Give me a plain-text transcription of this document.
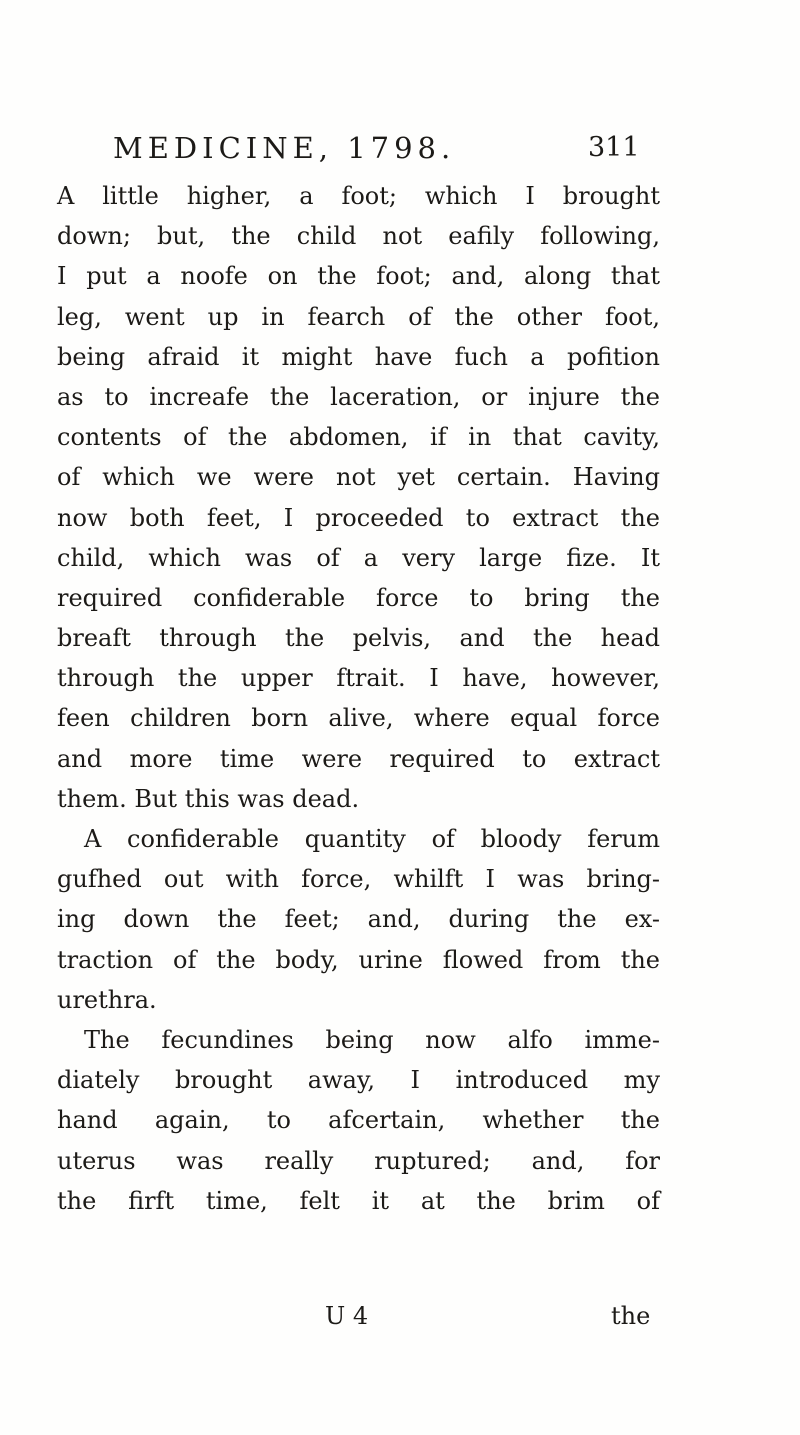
MEDICINE, 1798.	311
A little higher, a foot; which I brought
down; but, the child not eafily following,
I put a noofe on the foot; and, along that
leg, went up in fearch of the other foot,
being afraid it might have fuch a pofition
as to increafe the laceration, or injure the
contents of the abdomen, if in that cavity,
of which we were not yet certain. Having
now both feet, I proceeded to extract the
child, which was of a very large fize. It
required confiderable force to bring the
breaft through the pelvis, and the head
through the upper ftrait. I have, however,
feen children born alive, where equal force
and more time were required to extract
them. But this was dead.
A confiderable quantity of bloody ferum
gufhed out with force, whilft I was bring-
ing down the feet; and, during the ex-
traction of the body, urine flowed from the
urethra.
The fecundines being now alfo imme-
diately brought away, I introduced my
hand again, to afcertain, whether the
uterus was really ruptured; and, for
the firft time, felt it at the brim of
U 4	the
